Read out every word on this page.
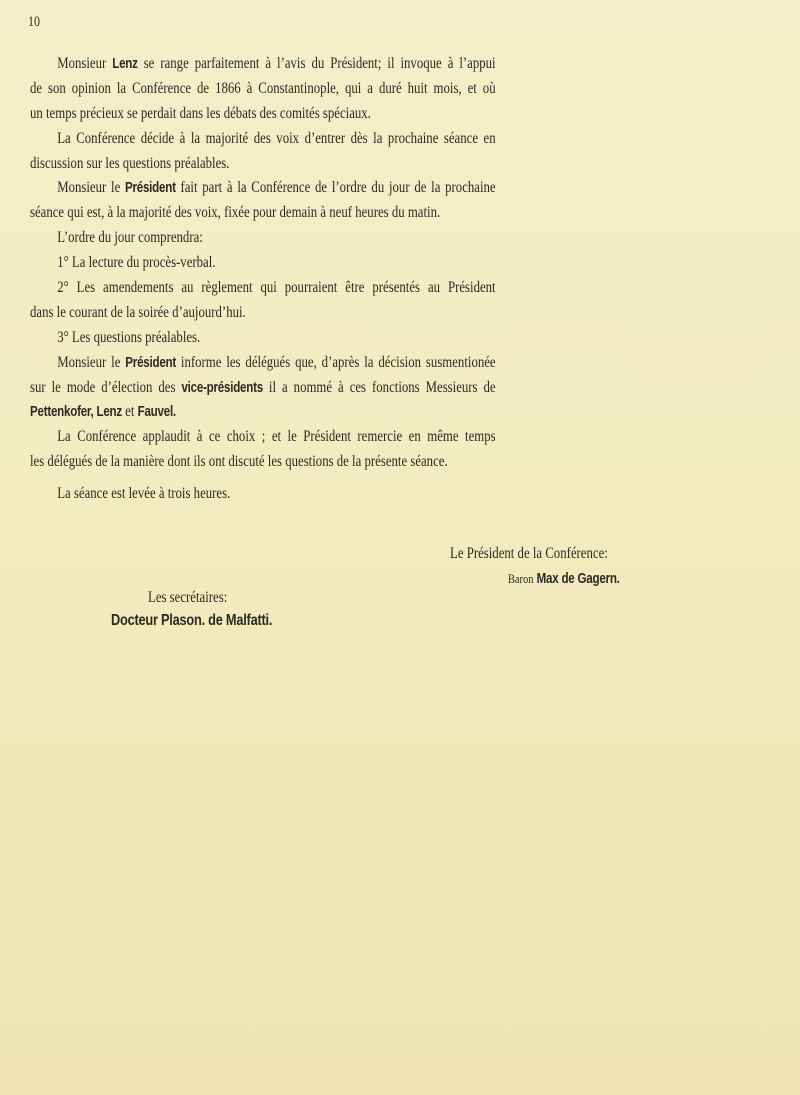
10
Monsieur Lenz se range parfaitement à l’avis du Président; il invoque à l’appui
de son opinion la Conférence de 1866 à Constantinople, qui a duré huit mois, et où
un temps précieux se perdait dans les débats des comités spéciaux.
La Conférence décide à la majorité des voix d’entrer dès la prochaine séance en
discussion sur les questions préalables.
Monsieur le Président fait part à la Conférence de l’ordre du jour de la prochaine
séance qui est, à la majorité des voix, fixée pour demain à neuf heures du matin.
L’ordre du jour comprendra:
1° La lecture du procès-verbal.
2° Les amendements au règlement qui pourraient être présentés au Président
dans le courant de la soirée d’aujourd’hui.
3° Les questions préalables.
Monsieur le Président informe les délégués que, d’après la décision susmentionée
sur le mode d’élection des vice-présidents il a nommé à ces fonctions Messieurs de
Pettenkofer, Lenz et Fauvel.
La Conférence applaudit à ce choix ; et le Président remercie en même temps
les délégués de la manière dont ils ont discuté les questions de la présente séance.
La séance est levée à trois heures.
Le Président de la Conférence:
Baron Max de Gagern.
Les secrétaires:
Docteur Plason. de Malfatti.
